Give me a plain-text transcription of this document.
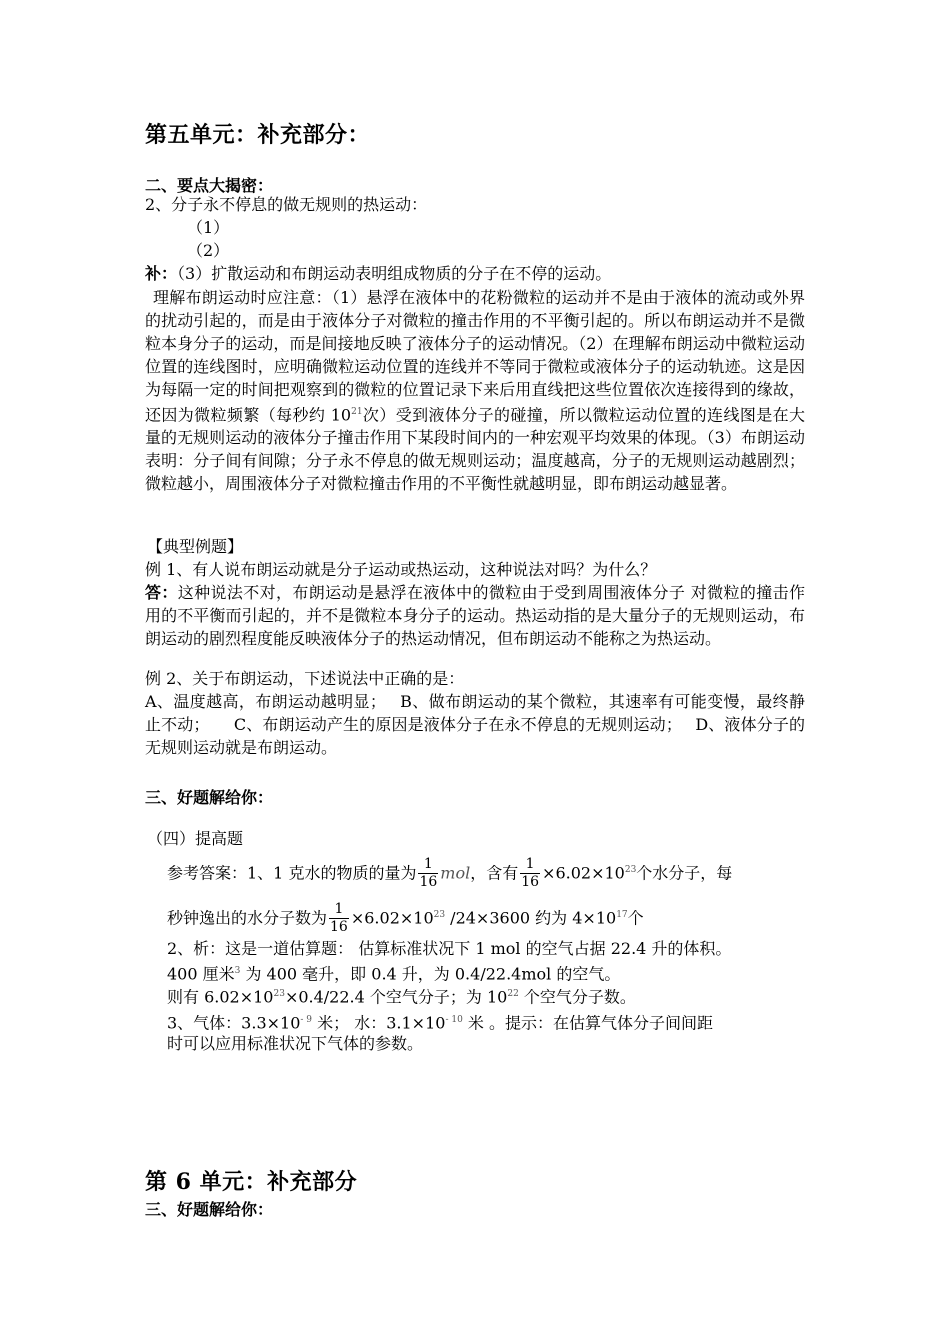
第五单元：补充部分：
二、要点大揭密：
2、分子永不停息的做无规则的热运动：
（1）
（2）
补：（3）扩散运动和布朗运动表明组成物质的分子在不停的运动。
理解布朗运动时应注意：（1）悬浮在液体中的花粉微粒的运动并不是由于液体的流动或外界的扰动引起的，而是由于液体分子对微粒的撞击作用的不平衡引起的。所以布朗运动并不是微粒本身分子的运动，而是间接地反映了液体分子的运动情况。（2）在理解布朗运动中微粒运动位置的连线图时，应明确微粒运动位置的连线并不等同于微粒或液体分子的运动轨迹。这是因为每隔一定的时间把观察到的微粒的位置记录下来后用直线把这些位置依次连接得到的缘故，还因为微粒频繁（每秒约 $10^{21}$次）受到液体分子的碰撞，所以微粒运动位置的连线图是在大量的无规则运动的液体分子撞击作用下某段时间内的一种宏观平均效果的体现。（3）布朗运动表明：分子间有间隙；分子永不停息的做无规则运动；温度越高，分子的无规则运动越剧烈；微粒越小，周围液体分子对微粒撞击作用的不平衡性就越明显，即布朗运动越显著。
【典型例题】
例 1、有人说布朗运动就是分子运动或热运动，这种说法对吗？为什么？
答：这种说法不对，布朗运动是悬浮在液体中的微粒由于受到周围液体分子 对微粒的撞击作用的不平衡而引起的，并不是微粒本身分子的运动。热运动指的是大量分子的无规则运动，布朗运动的剧烈程度能反映液体分子的热运动情况，但布朗运动不能称之为热运动。
例 2、关于布朗运动，下述说法中正确的是：
A、温度越高，布朗运动越明显；　 B、做布朗运动的某个微粒，其速率有可能变慢，最终静止不动；　　C、布朗运动产生的原因是液体分子在永不停息的无规则运动；　 D、液体分子的无规则运动就是布朗运动。
三、好题解给你：
（四）提高题
参考答案：1、1 克水的物质的量为 $\frac{1}{16}$ mol，含有 $\frac{1}{16} \times 6.02\times 10^{23}$个水分子，每
秒钟逸出的水分子数为 $\frac{1}{16} \times 6.02\times 10^{23}$ /24×3600 约为 $4\times 10^{17}$个
2、析：这是一道估算题： 估算标准状况下 1 mol 的空气占据 22.4 升的体积。
400 厘米$^3$ 为 400 毫升，即 0.4 升，为 0.4/22.4mol 的空气。
则有 $6.02\times 10^{23}\times 0.4/22.4$ 个空气分子；为 $10^{22}$ 个空气分子数。
3、气体：$3.3\times 10^{- 9}$ 米； 水：$3.1\times 10^{- 10}$ 米 。提示：在估算气体分子间间距
时可以应用标准状况下气体的参数。
第 6 单元：补充部分
三、好题解给你：
